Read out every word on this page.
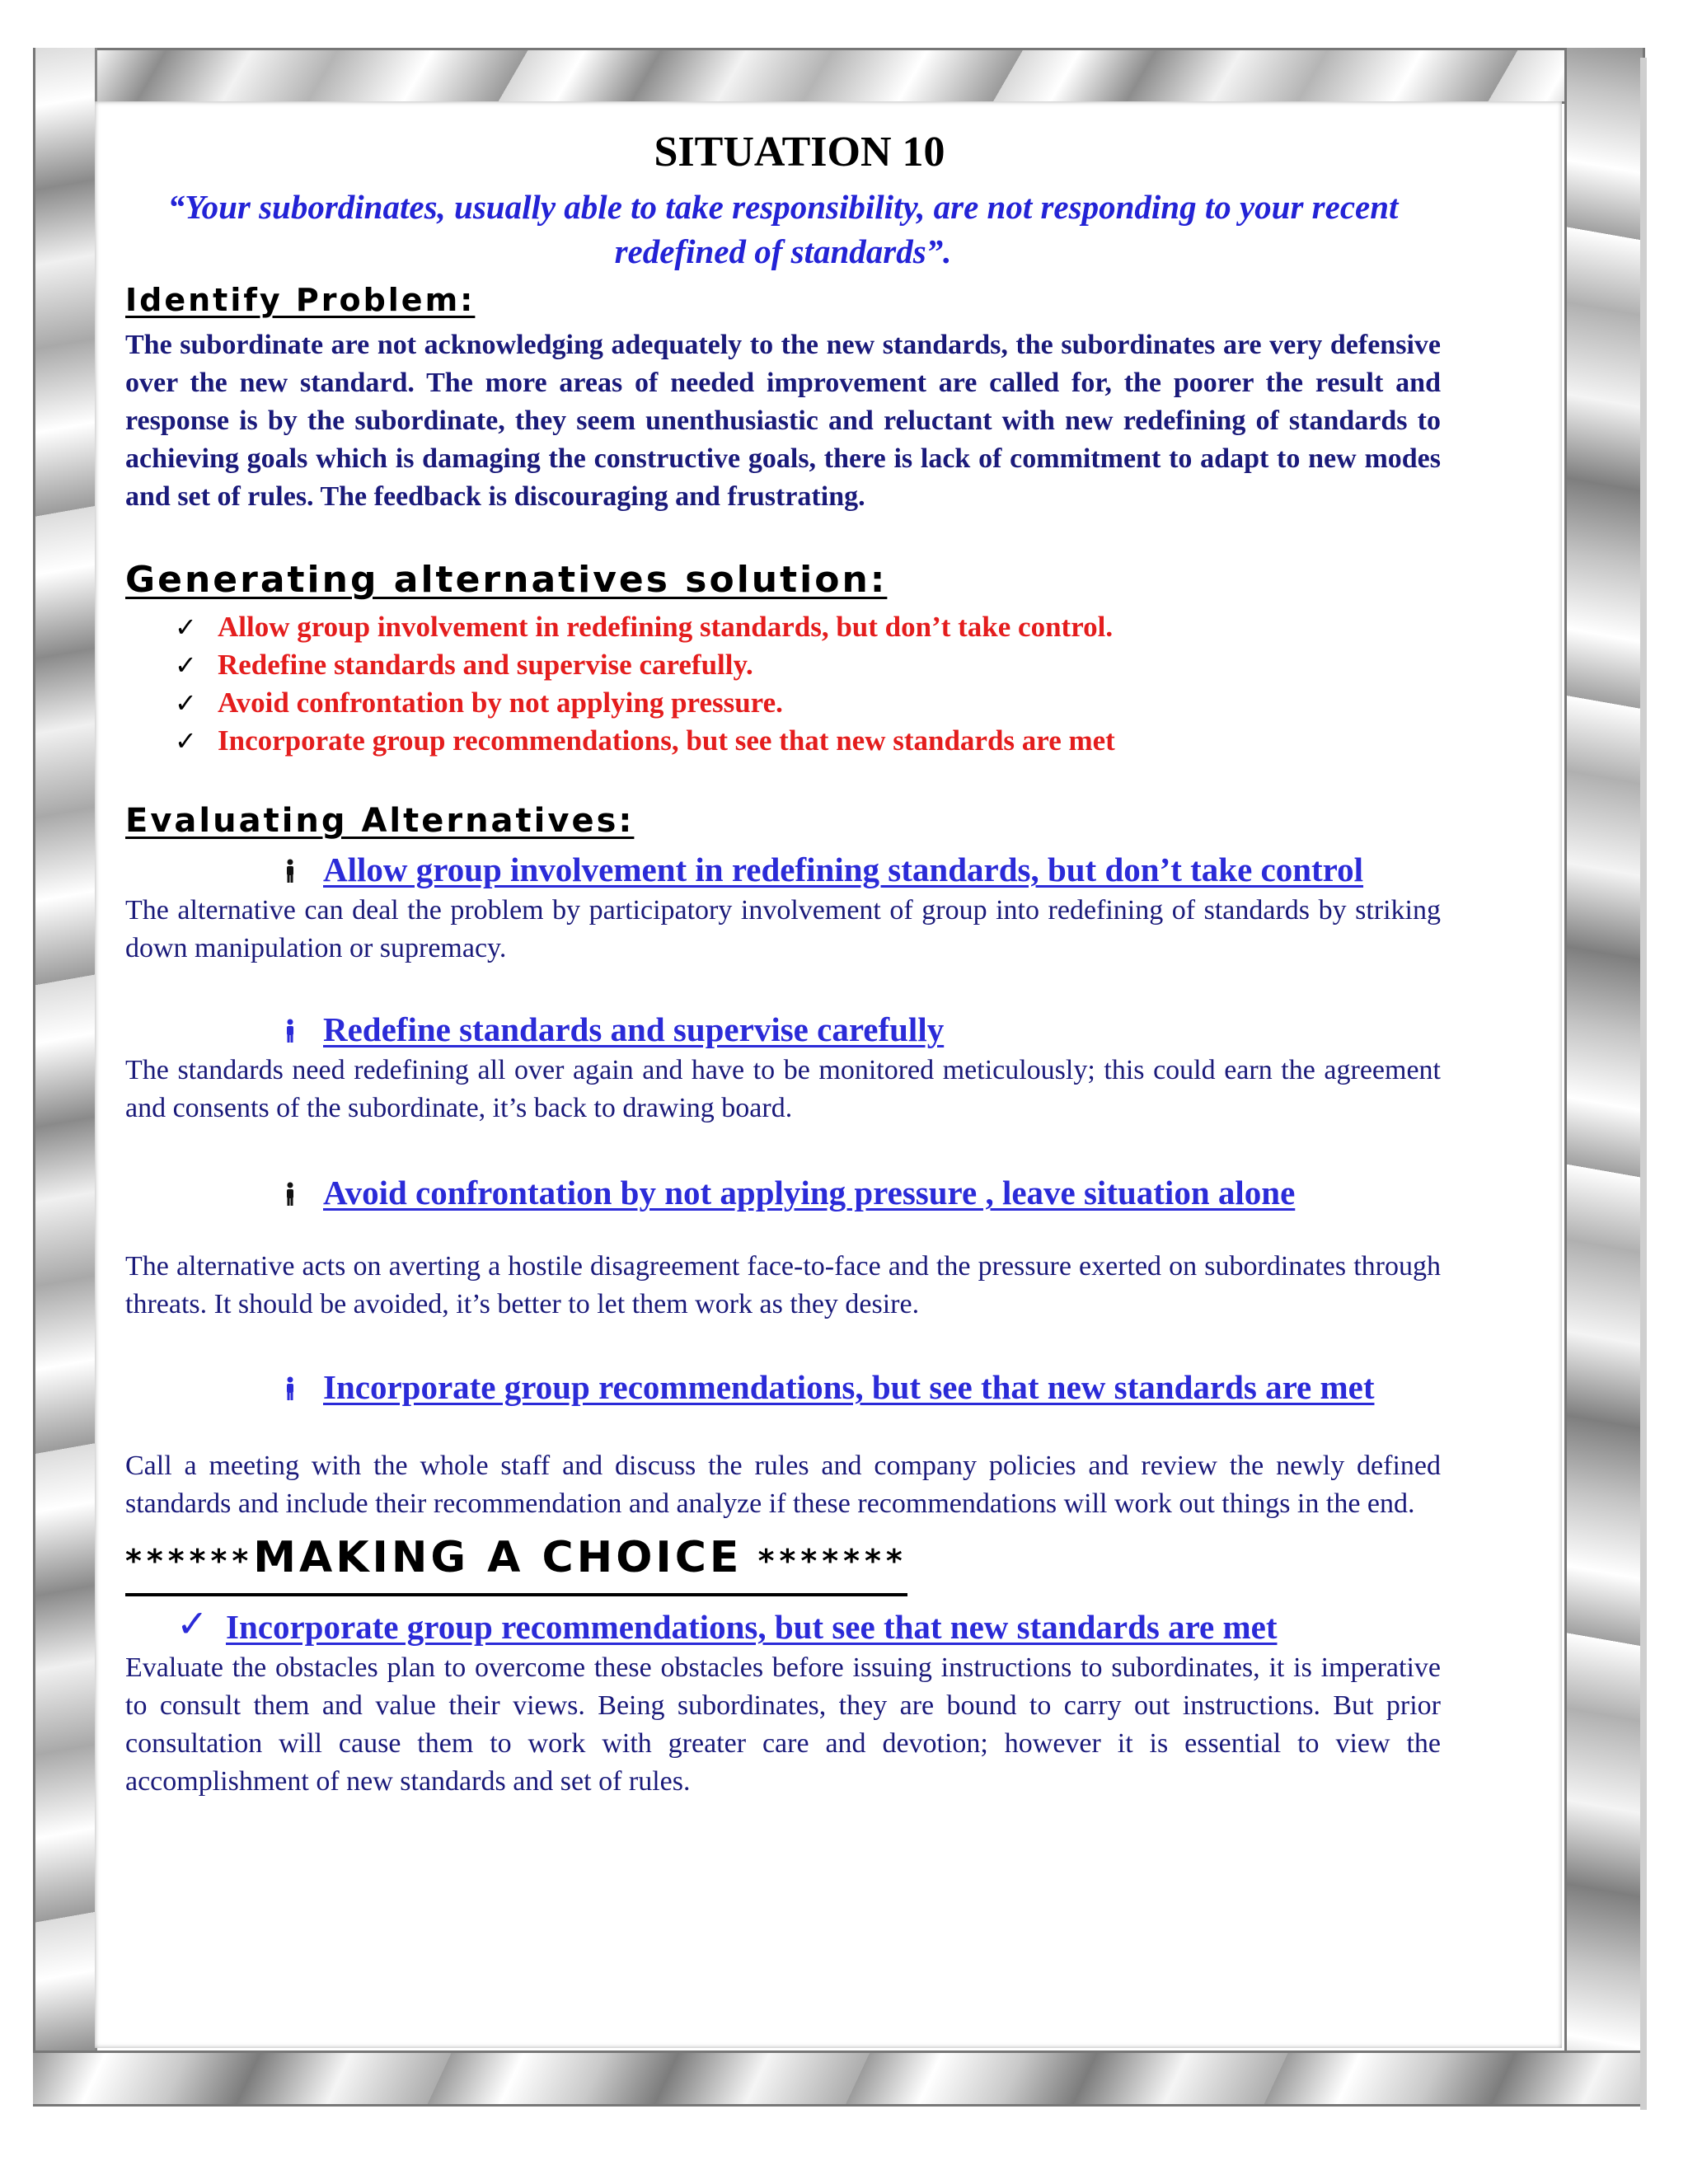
SITUATION 10

“Your subordinates, usually able to take responsibility, are not responding to your recent redefined of standards”.

Identify Problem:

The subordinate are not acknowledging adequately to the new standards, the subordinates are very defensive over the new standard. The more areas of needed improvement are called for, the poorer the result and response is by the subordinate, they seem unenthusiastic and reluctant with new redefining of standards to achieving goals which is damaging the constructive goals, there is lack of commitment to adapt to new modes and set of rules. The feedback is discouraging and frustrating.

Generating alternatives solution:
✓ Allow group involvement in redefining standards, but don’t take control.
✓ Redefine standards and supervise carefully.
✓ Avoid confrontation by not applying pressure.
✓ Incorporate group recommendations, but see that new standards are met
Evaluating Alternatives:

Allow group involvement in redefining standards, but don’t take control

The alternative can deal the problem by participatory involvement of group into redefining of standards by striking down manipulation or supremacy.

Redefine standards and supervise carefully

The standards need redefining all over again and have to be monitored meticulously; this could earn the agreement and consents of the subordinate, it’s back to drawing board.

Avoid confrontation by not applying pressure , leave situation alone

The alternative acts on averting a hostile disagreement face-to-face and the pressure exerted on subordinates through threats. It should be avoided, it’s better to let them work as they desire.

Incorporate group recommendations, but see that new standards are met

Call a meeting with the whole staff and discuss the rules and company policies and review the newly defined standards and include their recommendation and analyze if these recommendations will work out things in the end.

******MAKING A CHOICE *******

✓ Incorporate group recommendations, but see that new standards are met

Evaluate the obstacles plan to overcome these obstacles before issuing instructions to subordinates, it is imperative to consult them and value their views. Being subordinates, they are bound to carry out instructions. But prior consultation will cause them to work with greater care and devotion; however it is essential to view the accomplishment of new standards and set of rules.
